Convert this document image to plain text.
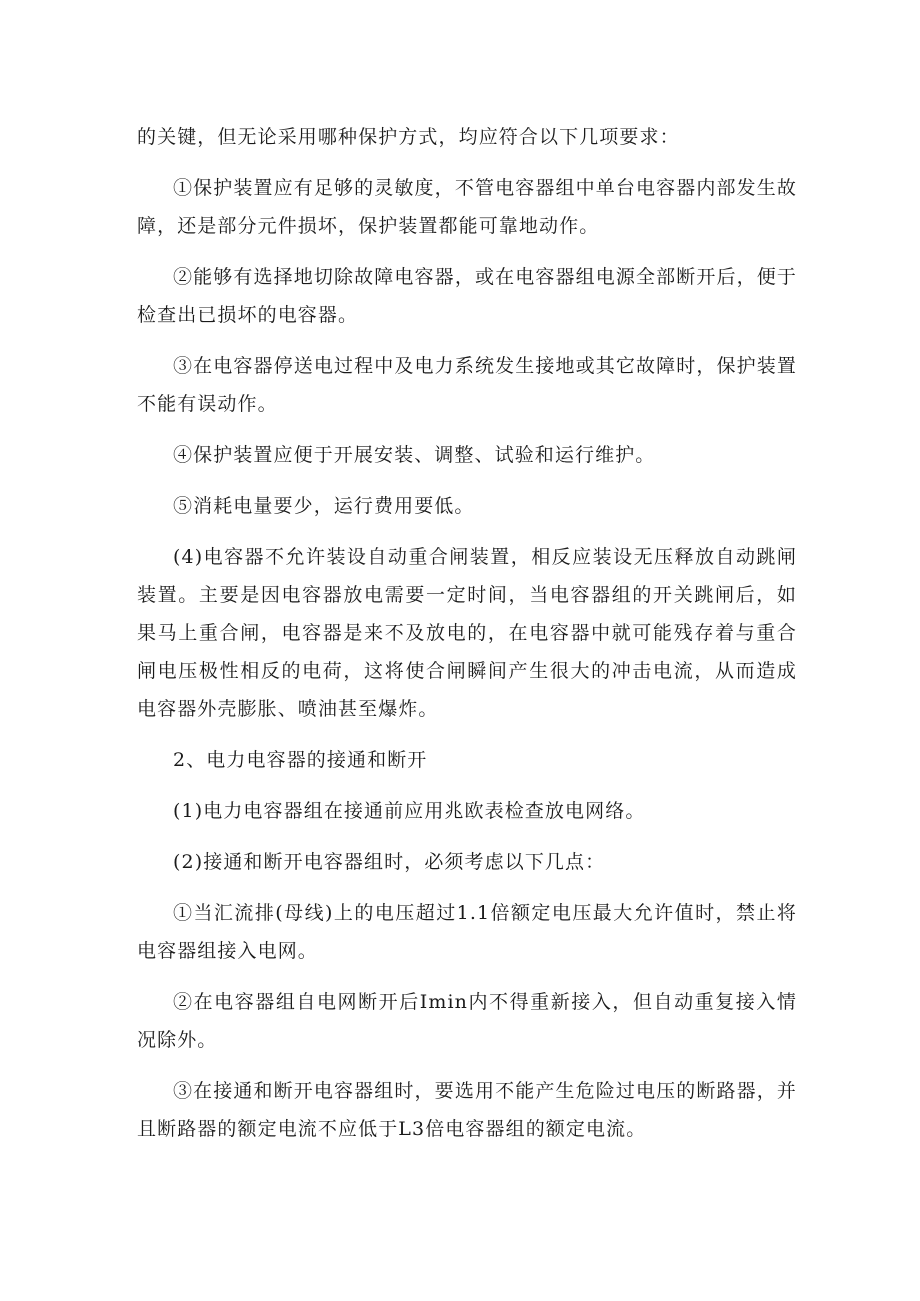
的关键，但无论采用哪种保护方式，均应符合以下几项要求：

①保护装置应有足够的灵敏度，不管电容器组中单台电容器内部发生故障，还是部分元件损坏，保护装置都能可靠地动作。

②能够有选择地切除故障电容器，或在电容器组电源全部断开后，便于检查出已损坏的电容器。

③在电容器停送电过程中及电力系统发生接地或其它故障时，保护装置不能有误动作。

④保护装置应便于开展安装、调整、试验和运行维护。

⑤消耗电量要少，运行费用要低。

(4)电容器不允许装设自动重合闸装置，相反应装设无压释放自动跳闸装置。主要是因电容器放电需要一定时间，当电容器组的开关跳闸后，如果马上重合闸，电容器是来不及放电的，在电容器中就可能残存着与重合闸电压极性相反的电荷，这将使合闸瞬间产生很大的冲击电流，从而造成电容器外壳膨胀、喷油甚至爆炸。

2、电力电容器的接通和断开

(1)电力电容器组在接通前应用兆欧表检查放电网络。

(2)接通和断开电容器组时，必须考虑以下几点：

①当汇流排(母线)上的电压超过1.1倍额定电压最大允许值时，禁止将电容器组接入电网。

②在电容器组自电网断开后Imin内不得重新接入，但自动重复接入情况除外。

③在接通和断开电容器组时，要选用不能产生危险过电压的断路器，并且断路器的额定电流不应低于L3倍电容器组的额定电流。
